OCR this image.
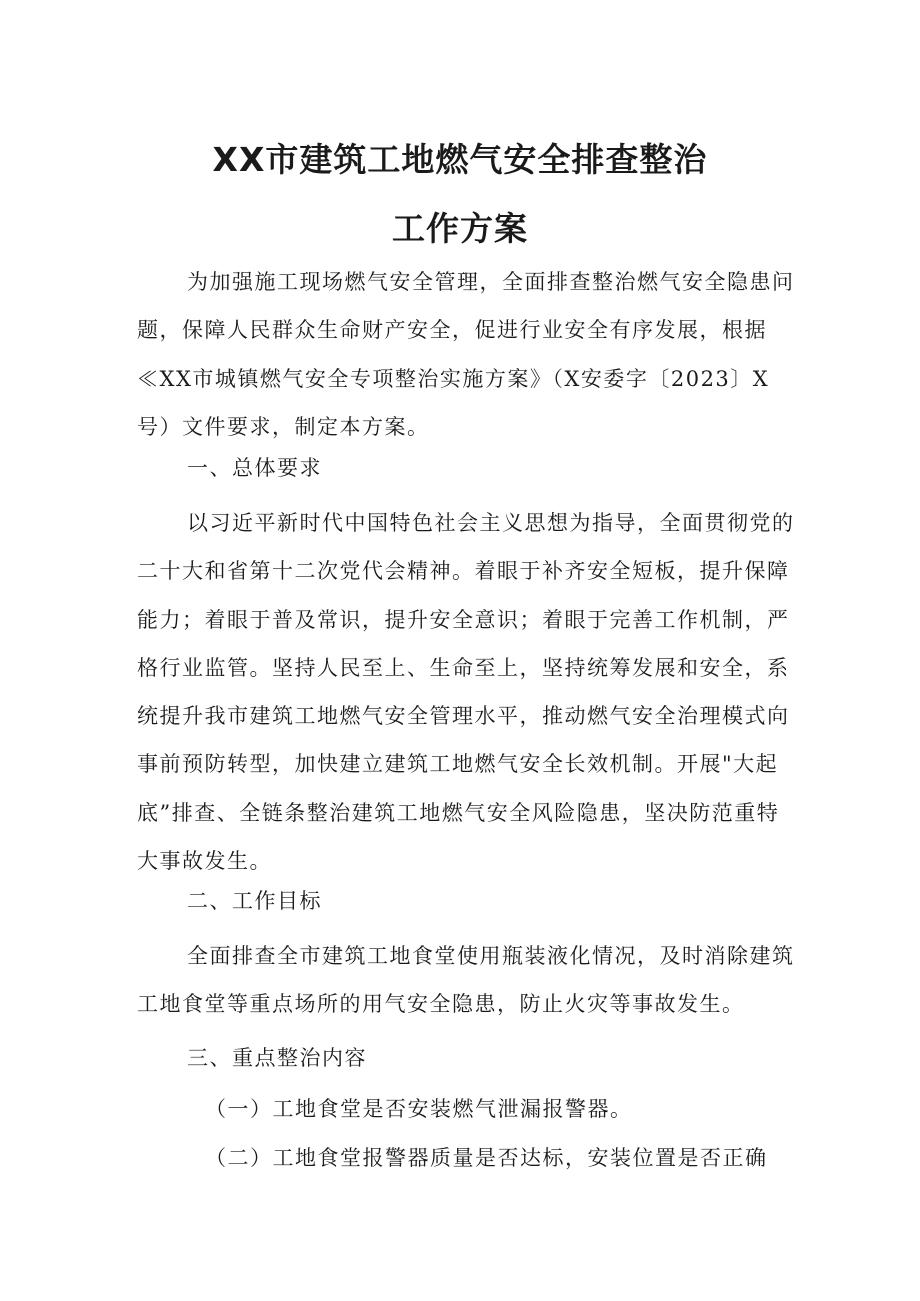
XX市建筑工地燃气安全排查整治
工作方案

为加强施工现场燃气安全管理，全面排查整治燃气安全隐患问题，保障人民群众生命财产安全，促进行业安全有序发展，根据≪XX市城镇燃气安全专项整治实施方案》（X安委字〔2023〕X号）文件要求，制定本方案。

一、总体要求

以习近平新时代中国特色社会主义思想为指导，全面贯彻党的二十大和省第十二次党代会精神。着眼于补齐安全短板，提升保障能力；着眼于普及常识，提升安全意识；着眼于完善工作机制，严格行业监管。坚持人民至上、生命至上，坚持统筹发展和安全，系统提升我市建筑工地燃气安全管理水平，推动燃气安全治理模式向事前预防转型，加快建立建筑工地燃气安全长效机制。开展"大起底”排查、全链条整治建筑工地燃气安全风险隐患，坚决防范重特大事故发生。

二、工作目标

全面排查全市建筑工地食堂使用瓶装液化情况，及时消除建筑工地食堂等重点场所的用气安全隐患，防止火灾等事故发生。

三、重点整治内容

（一）工地食堂是否安装燃气泄漏报警器。

（二）工地食堂报警器质量是否达标，安装位置是否正确
